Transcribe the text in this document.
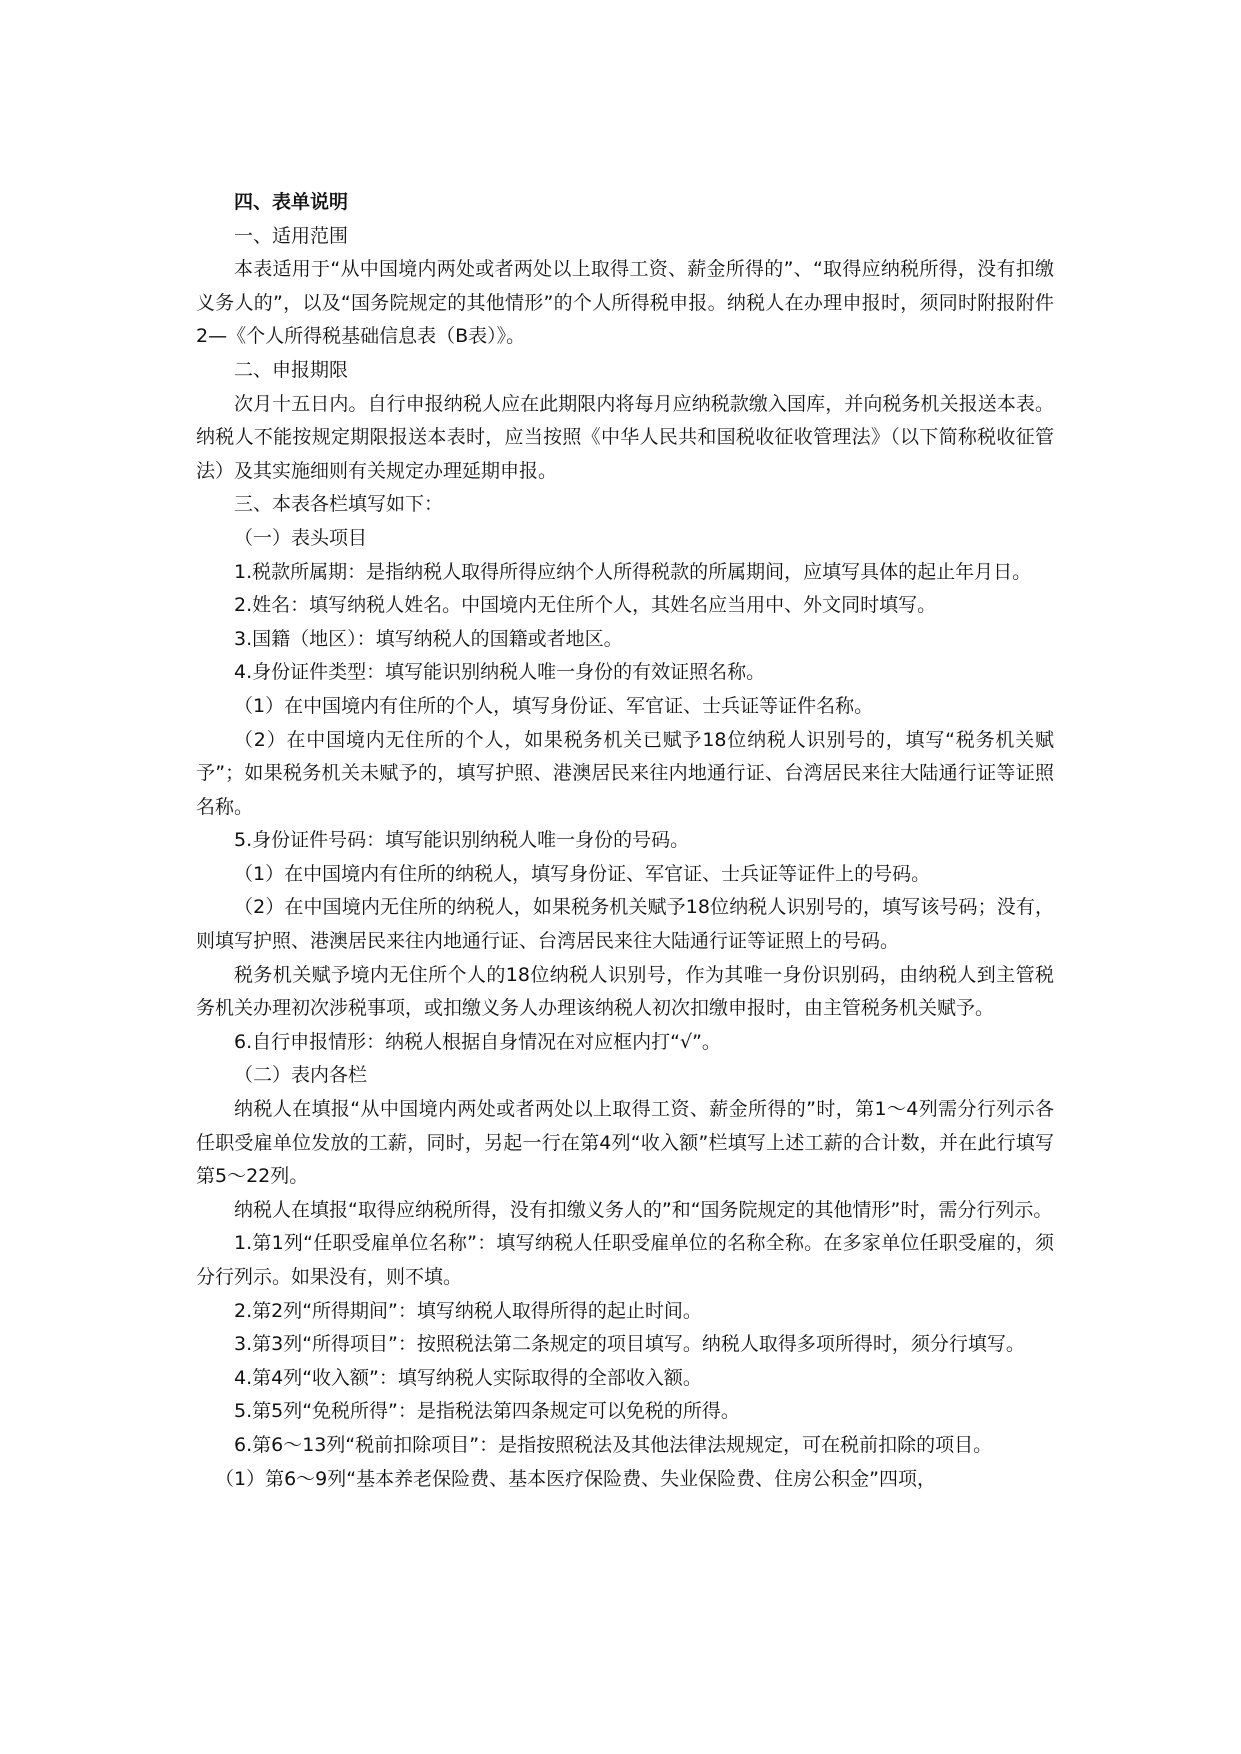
四、表单说明

一、适用范围

本表适用于“从中国境内两处或者两处以上取得工资、薪金所得的”、“取得应纳税所得，没有扣缴义务人的”，以及“国务院规定的其他情形”的个人所得税申报。纳税人在办理申报时，须同时附报附件2—《个人所得税基础信息表（B表）》。

二、申报期限

次月十五日内。自行申报纳税人应在此期限内将每月应纳税款缴入国库，并向税务机关报送本表。纳税人不能按规定期限报送本表时，应当按照《中华人民共和国税收征收管理法》（以下简称税收征管法）及其实施细则有关规定办理延期申报。

三、本表各栏填写如下：

（一）表头项目

1.税款所属期：是指纳税人取得所得应纳个人所得税款的所属期间，应填写具体的起止年月日。

2.姓名：填写纳税人姓名。中国境内无住所个人，其姓名应当用中、外文同时填写。

3.国籍（地区）：填写纳税人的国籍或者地区。

4.身份证件类型：填写能识别纳税人唯一身份的有效证照名称。

（1）在中国境内有住所的个人，填写身份证、军官证、士兵证等证件名称。

（2）在中国境内无住所的个人，如果税务机关已赋予18位纳税人识别号的，填写“税务机关赋予”；如果税务机关未赋予的，填写护照、港澳居民来往内地通行证、台湾居民来往大陆通行证等证照名称。

5.身份证件号码：填写能识别纳税人唯一身份的号码。

（1）在中国境内有住所的纳税人，填写身份证、军官证、士兵证等证件上的号码。

（2）在中国境内无住所的纳税人，如果税务机关赋予18位纳税人识别号的，填写该号码；没有，则填写护照、港澳居民来往内地通行证、台湾居民来往大陆通行证等证照上的号码。

税务机关赋予境内无住所个人的18位纳税人识别号，作为其唯一身份识别码，由纳税人到主管税务机关办理初次涉税事项，或扣缴义务人办理该纳税人初次扣缴申报时，由主管税务机关赋予。

6.自行申报情形：纳税人根据自身情况在对应框内打“√”。

（二）表内各栏

纳税人在填报“从中国境内两处或者两处以上取得工资、薪金所得的”时，第1～4列需分行列示各任职受雇单位发放的工薪，同时，另起一行在第4列“收入额”栏填写上述工薪的合计数，并在此行填写第5～22列。

纳税人在填报“取得应纳税所得，没有扣缴义务人的”和“国务院规定的其他情形”时，需分行列示。

1.第1列“任职受雇单位名称”：填写纳税人任职受雇单位的名称全称。在多家单位任职受雇的，须分行列示。如果没有，则不填。

2.第2列“所得期间”：填写纳税人取得所得的起止时间。

3.第3列“所得项目”：按照税法第二条规定的项目填写。纳税人取得多项所得时，须分行填写。

4.第4列“收入额”：填写纳税人实际取得的全部收入额。

5.第5列“免税所得”：是指税法第四条规定可以免税的所得。

6.第6～13列“税前扣除项目”：是指按照税法及其他法律法规规定，可在税前扣除的项目。

（1）第6～9列“基本养老保险费、基本医疗保险费、失业保险费、住房公积金”四项，
